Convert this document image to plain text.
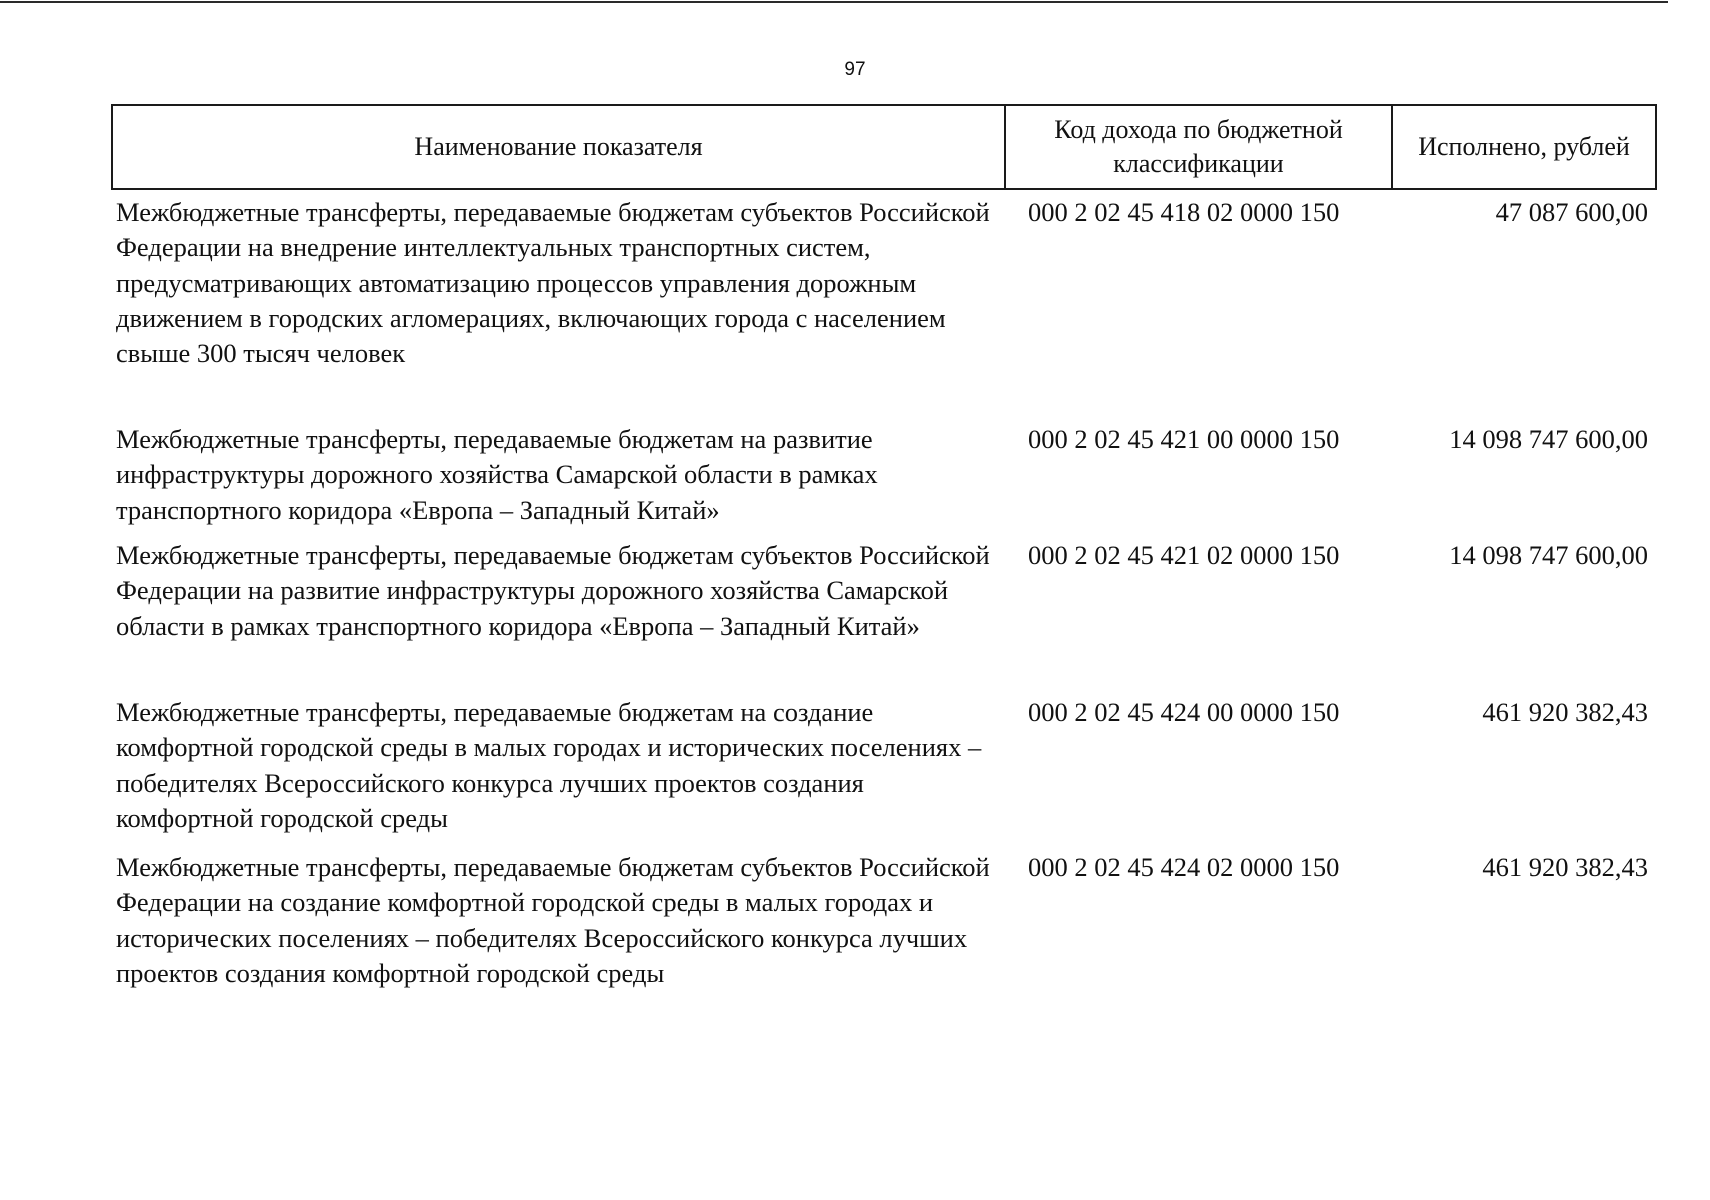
97
Наименование показателя
Код дохода по бюджетной классификации
Исполнено, рублей
Межбюджетные трансферты, передаваемые бюджетам субъектов Российской Федерации на внедрение интеллектуальных транспортных систем, предусматривающих автоматизацию процессов управления дорожным движением в городских агломерациях, включающих города с населением свыше 300 тысяч человек
000 2 02 45 418 02 0000 150	47 087 600,00
Межбюджетные трансферты, передаваемые бюджетам на развитие инфраструктуры дорожного хозяйства Самарской области в рамках транспортного коридора «Европа – Западный Китай»
000 2 02 45 421 00 0000 150	14 098 747 600,00
Межбюджетные трансферты, передаваемые бюджетам субъектов Российской Федерации на развитие инфраструктуры дорожного хозяйства Самарской области в рамках транспортного коридора «Европа – Западный Китай»
000 2 02 45 421 02 0000 150	14 098 747 600,00
Межбюджетные трансферты, передаваемые бюджетам на создание комфортной городской среды в малых городах и исторических поселениях – победителях Всероссийского конкурса лучших проектов создания комфортной городской среды
000 2 02 45 424 00 0000 150	461 920 382,43
Межбюджетные трансферты, передаваемые бюджетам субъектов Российской Федерации на создание комфортной городской среды в малых городах и исторических поселениях – победителях Всероссийского конкурса лучших проектов создания комфортной городской среды
000 2 02 45 424 02 0000 150	461 920 382,43
